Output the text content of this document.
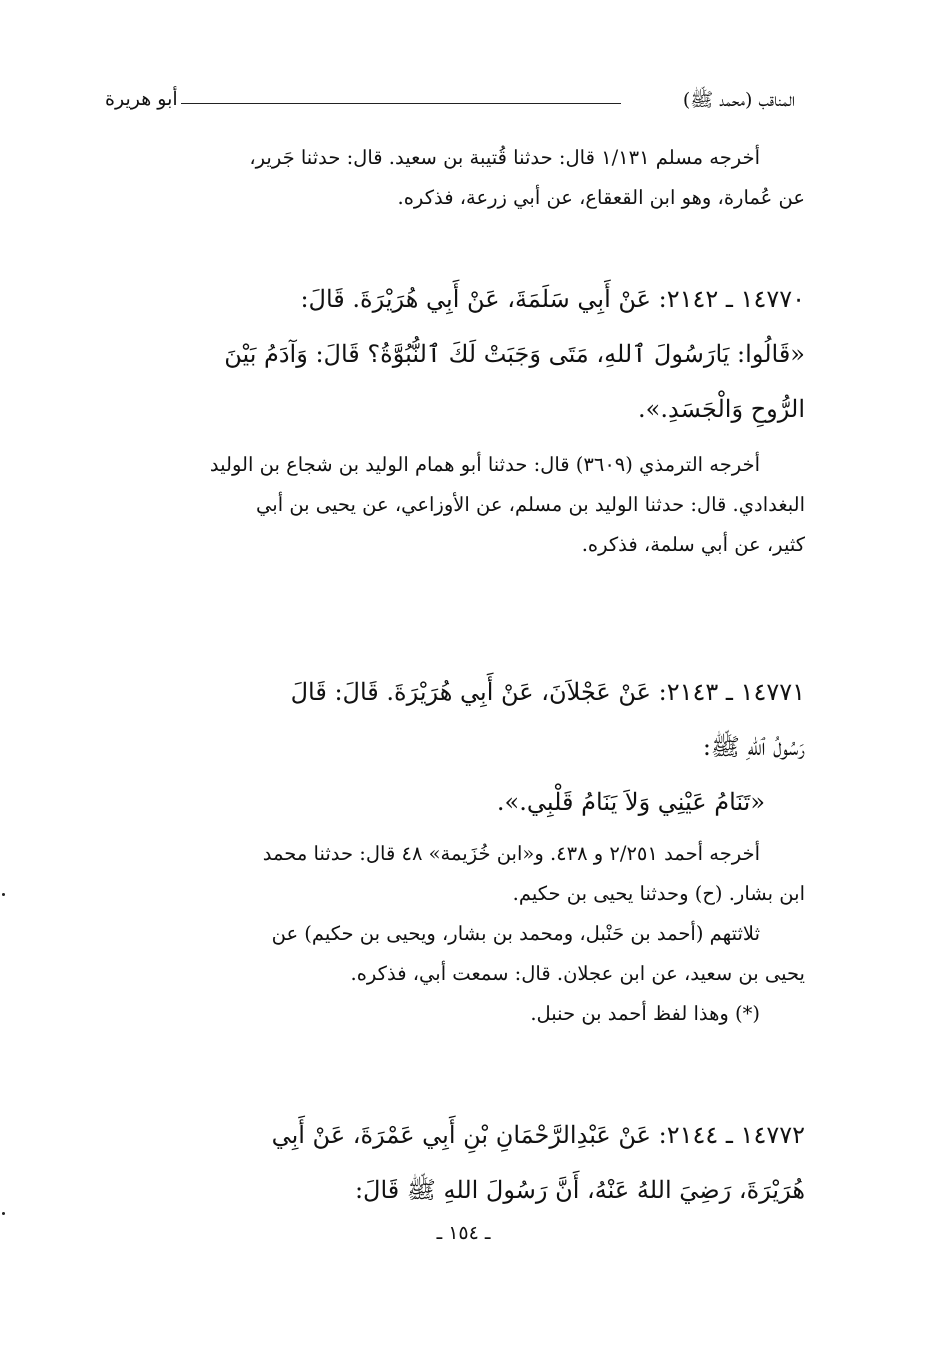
المناقب (محمد ﷺ)
أبو هريرة
أخرجه مسلم ١/١٣١ قال: حدثنا قُتيبة بن سعيد. قال: حدثنا جَرير،
عن عُمارة، وهو ابن القعقاع، عن أبي زرعة، فذكره.
١٤٧٧٠ ـ ٢١٤٢: عَنْ أَبِي سَلَمَةَ، عَنْ أَبِي هُرَيْرَةَ. قَالَ:
«قَالُوا: يَارَسُولَ ٱللهِ، مَتَى وَجَبَتْ لَكَ ٱلنُّبُوَّةُ؟ قَالَ: وَآدَمُ بَيْنَ
الرُّوحِ وَالْجَسَدِ.».
أخرجه الترمذي (٣٦٠٩) قال: حدثنا أبو همام الوليد بن شجاع بن الوليد
البغدادي. قال: حدثنا الوليد بن مسلم، عن الأوزاعي، عن يحيى بن أبي
كثير، عن أبي سلمة، فذكره.
١٤٧٧١ ـ ٢١٤٣: عَنْ عَجْلاَنَ، عَنْ أَبِي هُرَيْرَةَ. قَالَ: قَالَ
رَسُولُ ٱللهِ ﷺ:
«تَنَامُ عَيْنِي وَلاَ يَنَامُ قَلْبِي.».
أخرجه أحمد ٢/٢٥١ و ٤٣٨. و«ابن خُزَيمة» ٤٨ قال: حدثنا محمد
ابن بشار. (ح) وحدثنا يحيى بن حكيم.
ثلاثتهم (أحمد بن حَنْبل، ومحمد بن بشار، ويحيى بن حكيم) عن
يحيى بن سعيد، عن ابن عجلان. قال: سمعت أبي، فذكره.
(*) وهذا لفظ أحمد بن حنبل.
١٤٧٧٢ ـ ٢١٤٤: عَنْ عَبْدِالرَّحْمَانِ بْنِ أَبِي عَمْرَةَ، عَنْ أَبِي
هُرَيْرَةَ، رَضِيَ اللهُ عَنْهُ، أَنَّ رَسُولَ اللهِ ﷺ قَالَ:
ـ ١٥٤ ـ
